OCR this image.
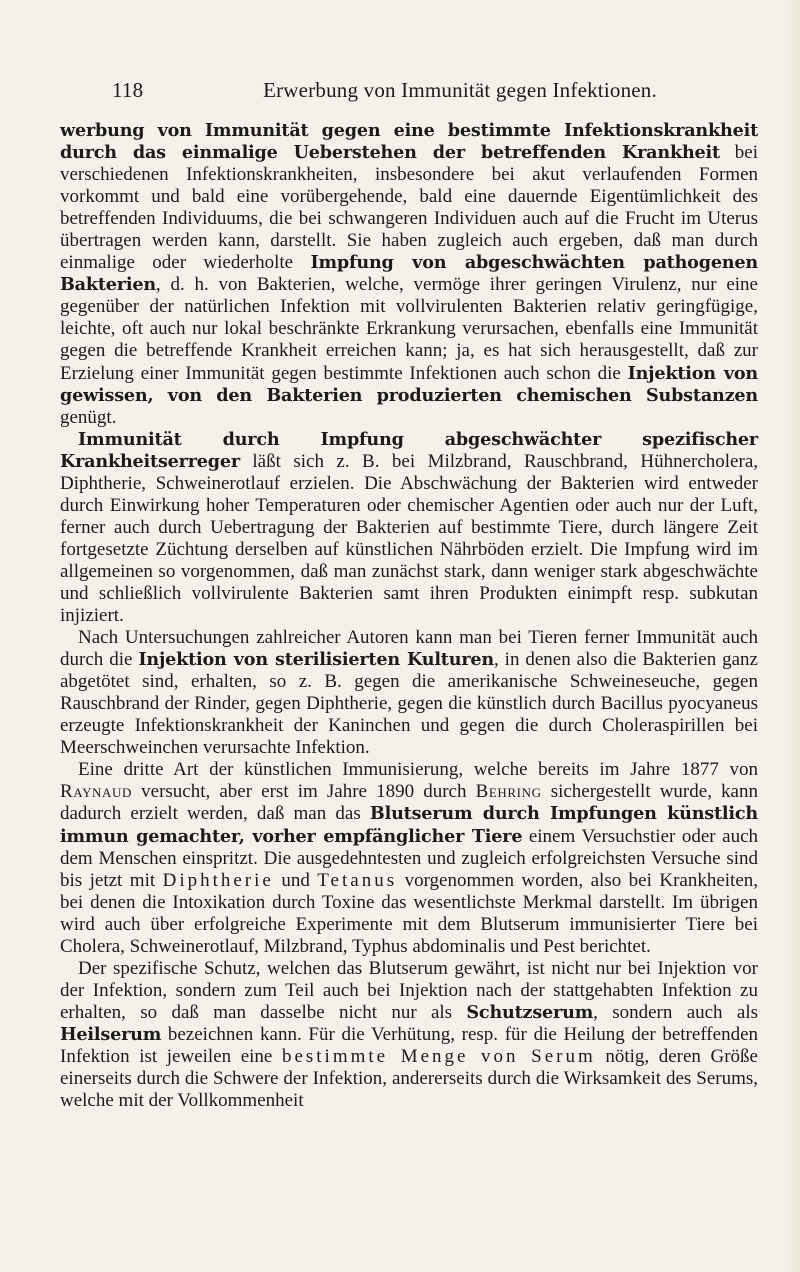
118	Erwerbung von Immunität gegen Infektionen.

werbung von Immunität gegen eine bestimmte Infektionskrankheit durch das einmalige Ueberstehen der betreffenden Krankheit bei verschiedenen Infektionskrankheiten, insbesondere bei akut verlaufenden Formen vorkommt und bald eine vorübergehende, bald eine dauernde Eigentümlichkeit des betreffenden Individuums, die bei schwangeren Individuen auch auf die Frucht im Uterus übertragen werden kann, darstellt. Sie haben zugleich auch ergeben, daß man durch einmalige oder wiederholte Impfung von abgeschwächten pathogenen Bakterien, d. h. von Bakterien, welche, vermöge ihrer geringen Virulenz, nur eine gegenüber der natürlichen Infektion mit vollvirulenten Bakterien relativ geringfügige, leichte, oft auch nur lokal beschränkte Erkrankung verursachen, ebenfalls eine Immunität gegen die betreffende Krankheit erreichen kann; ja, es hat sich herausgestellt, daß zur Erzielung einer Immunität gegen bestimmte Infektionen auch schon die Injektion von gewissen, von den Bakterien produzierten chemischen Substanzen genügt.

Immunität durch Impfung abgeschwächter spezifischer Krankheitserreger läßt sich z. B. bei Milzbrand, Rauschbrand, Hühnercholera, Diphtherie, Schweinerotlauf erzielen. Die Abschwächung der Bakterien wird entweder durch Einwirkung hoher Temperaturen oder chemischer Agentien oder auch nur der Luft, ferner auch durch Uebertragung der Bakterien auf bestimmte Tiere, durch längere Zeit fortgesetzte Züchtung derselben auf künstlichen Nährböden erzielt. Die Impfung wird im allgemeinen so vorgenommen, daß man zunächst stark, dann weniger stark abgeschwächte und schließlich vollvirulente Bakterien samt ihren Produkten einimpft resp. subkutan injiziert.

Nach Untersuchungen zahlreicher Autoren kann man bei Tieren ferner Immunität auch durch die Injektion von sterilisierten Kulturen, in denen also die Bakterien ganz abgetötet sind, erhalten, so z. B. gegen die amerikanische Schweineseuche, gegen Rauschbrand der Rinder, gegen Diphtherie, gegen die künstlich durch Bacillus pyocyaneus erzeugte Infektionskrankheit der Kaninchen und gegen die durch Choleraspirillen bei Meerschweinchen verursachte Infektion.

Eine dritte Art der künstlichen Immunisierung, welche bereits im Jahre 1877 von Raynaud versucht, aber erst im Jahre 1890 durch Behring sichergestellt wurde, kann dadurch erzielt werden, daß man das Blutserum durch Impfungen künstlich immun gemachter, vorher empfänglicher Tiere einem Versuchstier oder auch dem Menschen einspritzt. Die ausgedehntesten und zugleich erfolgreichsten Versuche sind bis jetzt mit Diphtherie und Tetanus vorgenommen worden, also bei Krankheiten, bei denen die Intoxikation durch Toxine das wesentlichste Merkmal darstellt. Im übrigen wird auch über erfolgreiche Experimente mit dem Blutserum immunisierter Tiere bei Cholera, Schweinerotlauf, Milzbrand, Typhus abdominalis und Pest berichtet.

Der spezifische Schutz, welchen das Blutserum gewährt, ist nicht nur bei Injektion vor der Infektion, sondern zum Teil auch bei Injektion nach der stattgehabten Infektion zu erhalten, so daß man dasselbe nicht nur als Schutzserum, sondern auch als Heilserum bezeichnen kann. Für die Verhütung, resp. für die Heilung der betreffenden Infektion ist jeweilen eine bestimmte Menge von Serum nötig, deren Größe einerseits durch die Schwere der Infektion, andererseits durch die Wirksamkeit des Serums, welche mit der Vollkommenheit
